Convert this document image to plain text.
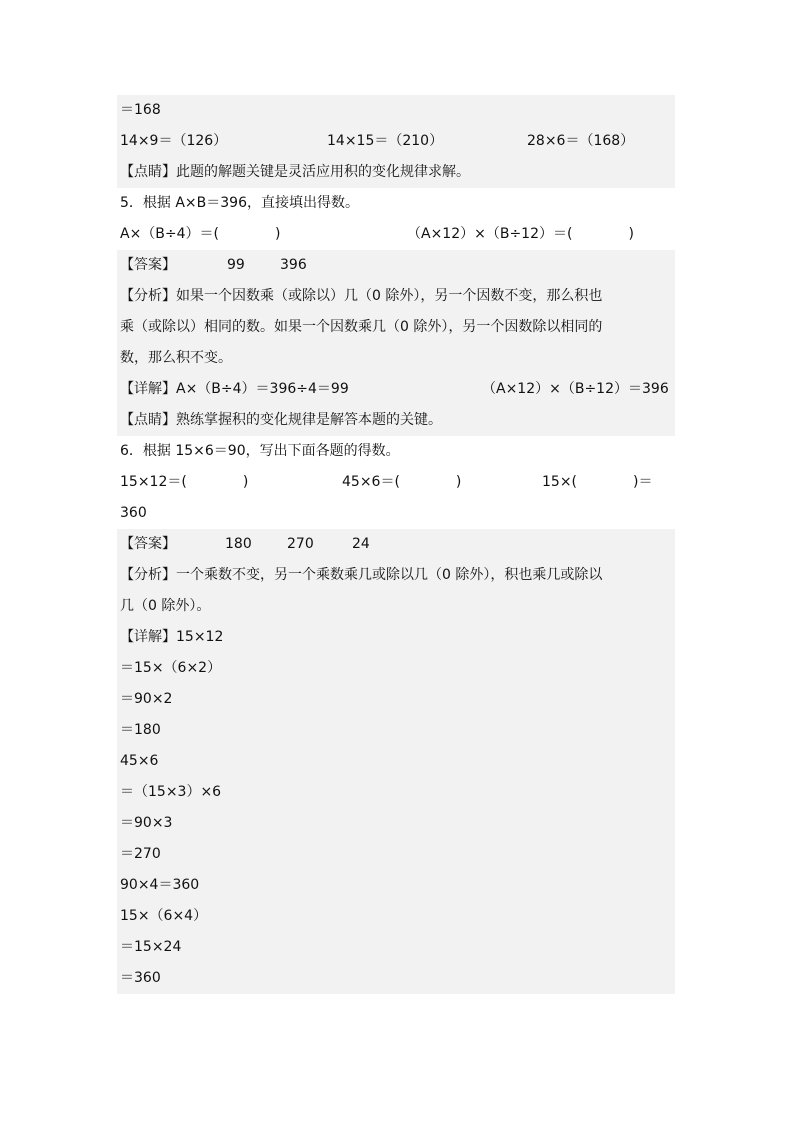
＝168
14×9＝（126）	14×15＝（210）	28×6＝（168）
【点睛】此题的解题关键是灵活应用积的变化规律求解。
5．根据 A×B＝396，直接填出得数。
A×（B÷4）＝(　　　　)	（A×12）×（B÷12）＝(　　　　)
【答案】	99	396
【分析】如果一个因数乘（或除以）几（0 除外），另一个因数不变，那么积也
乘（或除以）相同的数。如果一个因数乘几（0 除外），另一个因数除以相同的
数，那么积不变。
【详解】A×（B÷4）＝396÷4＝99	（A×12）×（B÷12）＝396
【点睛】熟练掌握积的变化规律是解答本题的关键。
6．根据 15×6＝90，写出下面各题的得数。
15×12＝(　　　　)	45×6＝(　　　　)	15×(　　　　)＝
360
【答案】	180	270	24
【分析】一个乘数不变，另一个乘数乘几或除以几（0 除外），积也乘几或除以
几（0 除外）。
【详解】15×12
＝15×（6×2）
＝90×2
＝180
45×6
＝（15×3）×6
＝90×3
＝270
90×4＝360
15×（6×4）
＝15×24
＝360
